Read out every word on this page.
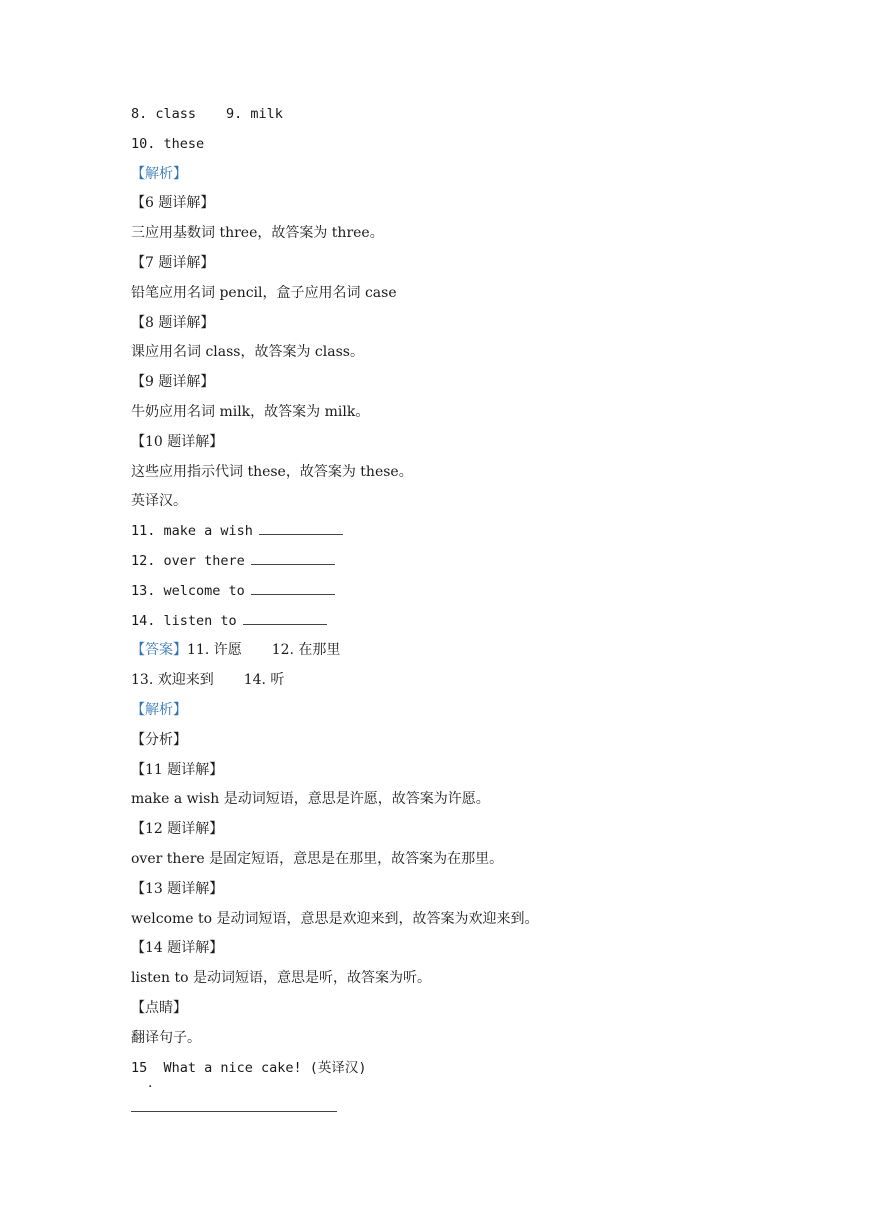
8. class 9. milk
10. these
【解析】
【6 题详解】
三应用基数词 three，故答案为 three。
【7 题详解】
铅笔应用名词 pencil，盒子应用名词 case
【8 题详解】
课应用名词 class，故答案为 class。
【9 题详解】
牛奶应用名词 milk，故答案为 milk。
【10 题详解】
这些应用指示代词 these，故答案为 these。
英译汉。
11. make a wish
12. over there
13. welcome to
14. listen to
【答案】11. 许愿 12. 在那里
13. 欢迎来到 14. 听
【解析】
【分析】
【11 题详解】
make a wish 是动词短语，意思是许愿，故答案为许愿。
【12 题详解】
over there 是固定短语，意思是在那里，故答案为在那里。
【13 题详解】
welcome to 是动词短语，意思是欢迎来到，故答案为欢迎来到。
【14 题详解】
listen to 是动词短语，意思是听，故答案为听。
【点睛】
翻译句子。
15  What a nice cake! (英译汉)
·
